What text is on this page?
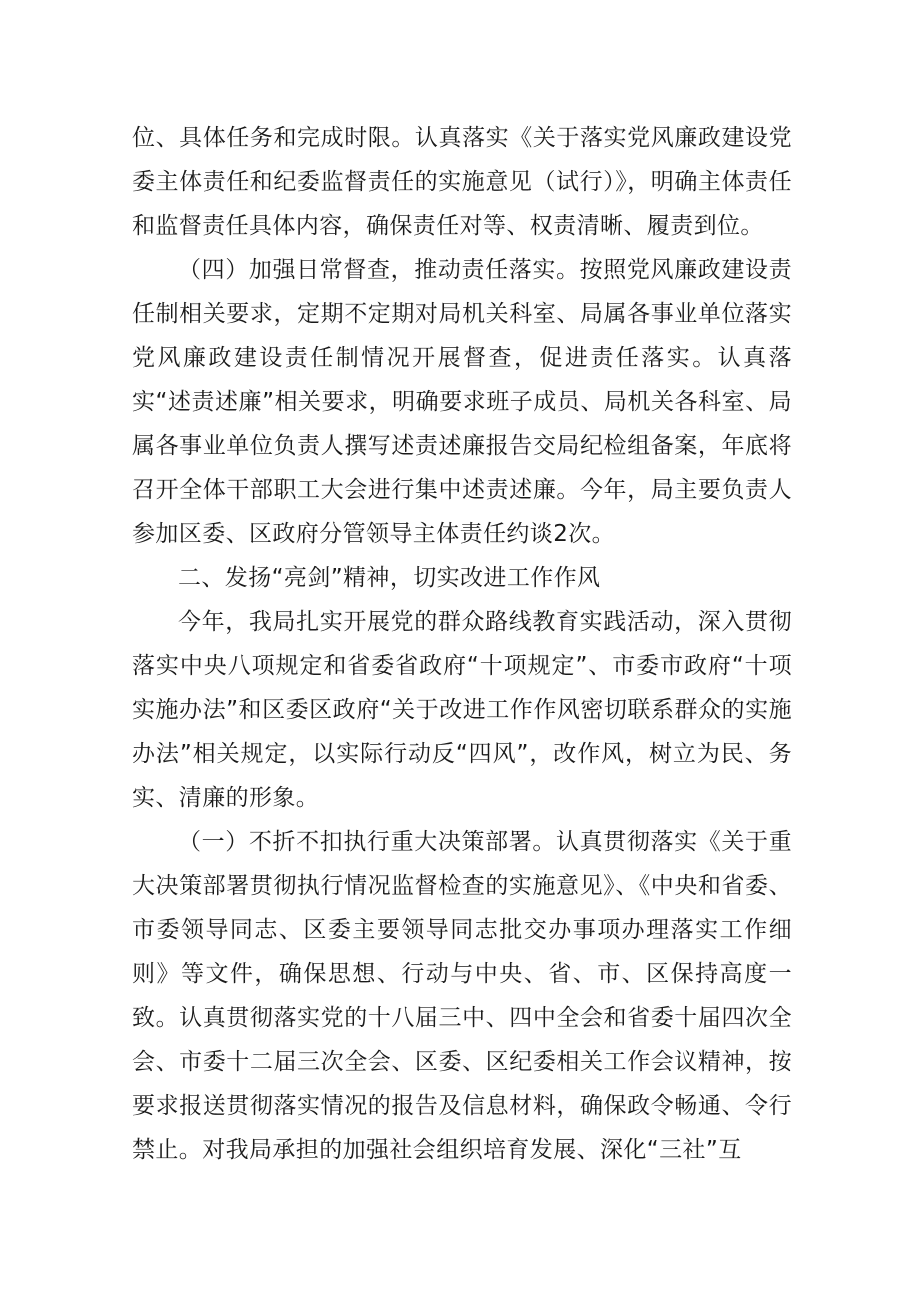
位、具体任务和完成时限。认真落实《关于落实党风廉政建设党委主体责任和纪委监督责任的实施意见（试行）》，明确主体责任和监督责任具体内容，确保责任对等、权责清晰、履责到位。

（四）加强日常督查，推动责任落实。按照党风廉政建设责任制相关要求，定期不定期对局机关科室、局属各事业单位落实党风廉政建设责任制情况开展督查，促进责任落实。认真落实“述责述廉”相关要求，明确要求班子成员、局机关各科室、局属各事业单位负责人撰写述责述廉报告交局纪检组备案，年底将召开全体干部职工大会进行集中述责述廉。今年，局主要负责人参加区委、区政府分管领导主体责任约谈2次。

二、发扬“亮剑”精神，切实改进工作作风

今年，我局扎实开展党的群众路线教育实践活动，深入贯彻落实中央八项规定和省委省政府“十项规定”、市委市政府“十项实施办法”和区委区政府“关于改进工作作风密切联系群众的实施办法”相关规定，以实际行动反“四风”，改作风，树立为民、务实、清廉的形象。

（一）不折不扣执行重大决策部署。认真贯彻落实《关于重大决策部署贯彻执行情况监督检查的实施意见》、《中央和省委、市委领导同志、区委主要领导同志批交办事项办理落实工作细则》等文件，确保思想、行动与中央、省、市、区保持高度一致。认真贯彻落实党的十八届三中、四中全会和省委十届四次全会、市委十二届三次全会、区委、区纪委相关工作会议精神，按要求报送贯彻落实情况的报告及信息材料，确保政令畅通、令行禁止。对我局承担的加强社会组织培育发展、深化“三社”互
